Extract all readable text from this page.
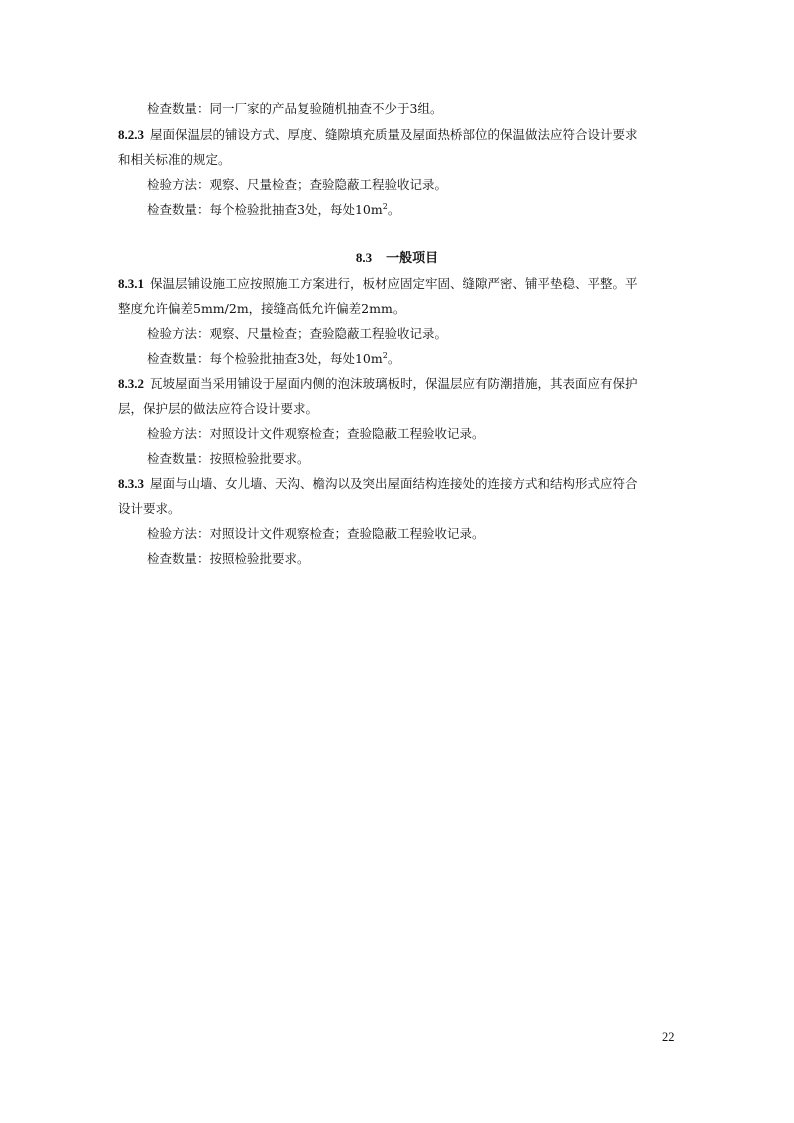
检查数量：同一厂家的产品复验随机抽查不少于3组。
8.2.3 屋面保温层的铺设方式、厚度、缝隙填充质量及屋面热桥部位的保温做法应符合设计要求
和相关标准的规定。
检验方法：观察、尺量检查；查验隐蔽工程验收记录。
检查数量：每个检验批抽查3处，每处$10m^2$。
8.3 一般项目
8.3.1 保温层铺设施工应按照施工方案进行，板材应固定牢固、缝隙严密、铺平垫稳、平整。平
整度允许偏差5mm/2m，接缝高低允许偏差2mm。
检验方法：观察、尺量检查；查验隐蔽工程验收记录。
检查数量：每个检验批抽查3处，每处$10m^2$。
8.3.2 瓦坡屋面当采用铺设于屋面内侧的泡沫玻璃板时，保温层应有防潮措施，其表面应有保护
层，保护层的做法应符合设计要求。
检验方法：对照设计文件观察检查；查验隐蔽工程验收记录。
检查数量：按照检验批要求。
8.3.3 屋面与山墙、女儿墙、天沟、檐沟以及突出屋面结构连接处的连接方式和结构形式应符合
设计要求。
检验方法：对照设计文件观察检查；查验隐蔽工程验收记录。
检查数量：按照检验批要求。
22
